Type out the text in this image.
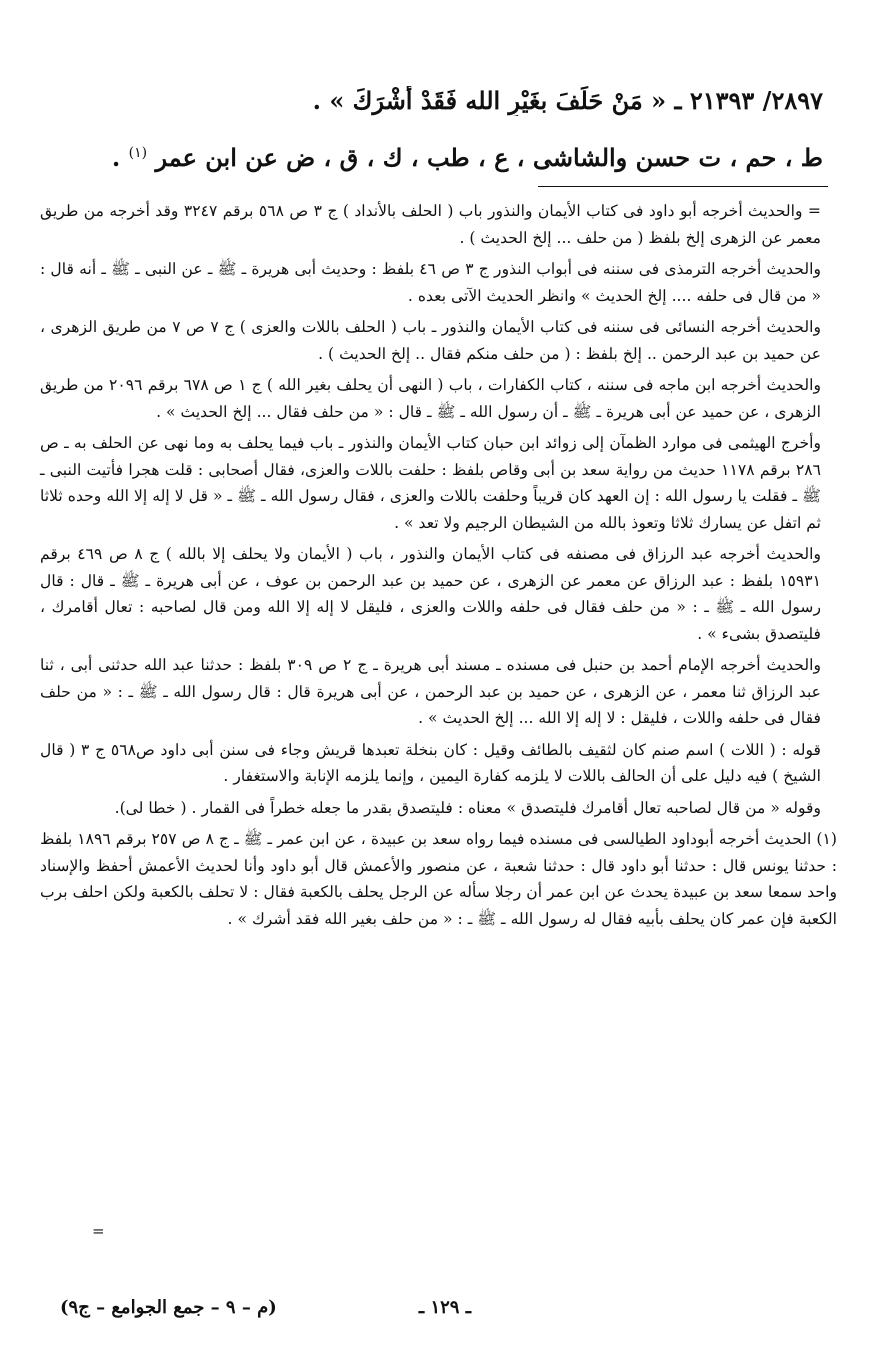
٢٨٩٧/ ٢١٣٩٣ ـ « مَنْ حَلَفَ بغَيْرِ الله فَقَدْ أَشْرَكَ » .
ط ، حم ، ت حسن والشاشى ، ع ، طب ، ك ، ق ، ض عن ابن عمر $^{(١)}$ .

= والحديث أخرجه أبو داود فى كتاب الأيمان والنذور باب ( الحلف بالأنداد ) ج ٣ ص ٥٦٨ برقم ٣٢٤٧ وقد أخرجه من طريق معمر عن الزهرى إلخ بلفظ ( من حلف ... إلخ الحديث ) .

والحديث أخرجه الترمذى فى سننه فى أبواب النذور ج ٣ ص ٤٦ بلفظ : وحديث أبى هريرة ـ ﷺ ـ عن النبى ـ ﷺ ـ أنه قال : « من قال فى حلفه .... إلخ الحديث » وانظر الحديث الآتى بعده .

والحديث أخرجه النسائى فى سننه فى كتاب الأيمان والنذور ـ باب ( الحلف باللات والعزى ) ج ٧ ص ٧ من طريق الزهرى ، عن حميد بن عبد الرحمن .. إلخ بلفظ : ( من حلف منكم فقال .. إلخ الحديث ) .

والحديث أخرجه ابن ماجه فى سننه ، كتاب الكفارات ، باب ( النهى أن يحلف بغير الله ) ج ١ ص ٦٧٨ برقم ٢٠٩٦ من طريق الزهرى ، عن حميد عن أبى هريرة ـ ﷺ ـ أن رسول الله ـ ﷺ ـ قال : « من حلف فقال ... إلخ الحديث » .

وأخرج الهيثمى فى موارد الظمآن إلى زوائد ابن حبان كتاب الأيمان والنذور ـ باب فيما يحلف به وما نهى عن الحلف به ـ ص ٢٨٦ برقم ١١٧٨ حديث من رواية سعد بن أبى وقاص بلفظ : حلفت باللات والعزى، فقال أصحابى : قلت هجرا فأتيت النبى ـ ﷺ ـ فقلت يا رسول الله : إن العهد كان قريباً وحلفت باللات والعزى ، فقال رسول الله ـ ﷺ ـ « قل لا إله إلا الله وحده ثلاثا ثم اتفل عن يسارك ثلاثا وتعوذ بالله من الشيطان الرجيم ولا تعد » .

والحديث أخرجه عبد الرزاق فى مصنفه فى كتاب الأيمان والنذور ، باب ( الأيمان ولا يحلف إلا بالله ) ج ٨ ص ٤٦٩ برقم ١٥٩٣١ بلفظ : عبد الرزاق عن معمر عن الزهرى ، عن حميد بن عبد الرحمن بن عوف ، عن أبى هريرة ـ ﷺ ـ قال : قال رسول الله ـ ﷺ ـ : « من حلف فقال فى حلفه واللات والعزى ، فليقل لا إله إلا الله ومن قال لصاحبه : تعال أقامرك ، فليتصدق بشىء » .

والحديث أخرجه الإمام أحمد بن حنبل فى مسنده ـ مسند أبى هريرة ـ ج ٢ ص ٣٠٩ بلفظ : حدثنا عبد الله حدثنى أبى ، ثنا عبد الرزاق ثنا معمر ، عن الزهرى ، عن حميد بن عبد الرحمن ، عن أبى هريرة قال : قال رسول الله ـ ﷺ ـ : « من حلف فقال فى حلفه واللات ، فليقل : لا إله إلا الله ... إلخ الحديث » .

قوله : ( اللات ) اسم صنم كان لثقيف بالطائف وقيل : كان بنخلة تعبدها قريش وجاء فى سنن أبى داود ص٥٦٨ ج ٣ ( قال الشيخ ) فيه دليل على أن الحالف باللات لا يلزمه كفارة اليمين ، وإنما يلزمه الإنابة والاستغفار .

وقوله « من قال لصاحبه تعال أقامرك فليتصدق » معناه : فليتصدق بقدر ما جعله خطراً فى القمار . ( خطا لى).

(١) الحديث أخرجه أبوداود الطيالسى فى مسنده فيما رواه سعد بن عبيدة ، عن ابن عمر ـ ﷺ ـ ج ٨ ص ٢٥٧ برقم ١٨٩٦ بلفظ : حدثنا يونس قال : حدثنا أبو داود قال : حدثنا شعبة ، عن منصور والأعمش قال أبو داود وأنا لحديث الأعمش أحفظ والإسناد واحد سمعا سعد بن عبيدة يحدث عن ابن عمر أن رجلا سأله عن الرجل يحلف بالكعبة فقال : لا تحلف بالكعبة ولكن احلف برب الكعبة فإن عمر كان يحلف بأبيه فقال له رسول الله ـ ﷺ ـ : « من حلف بغير الله فقد أشرك » .

=
ـ ١٢٩ ـ
(م – ٩ – جمع الجوامع – ج٩)
